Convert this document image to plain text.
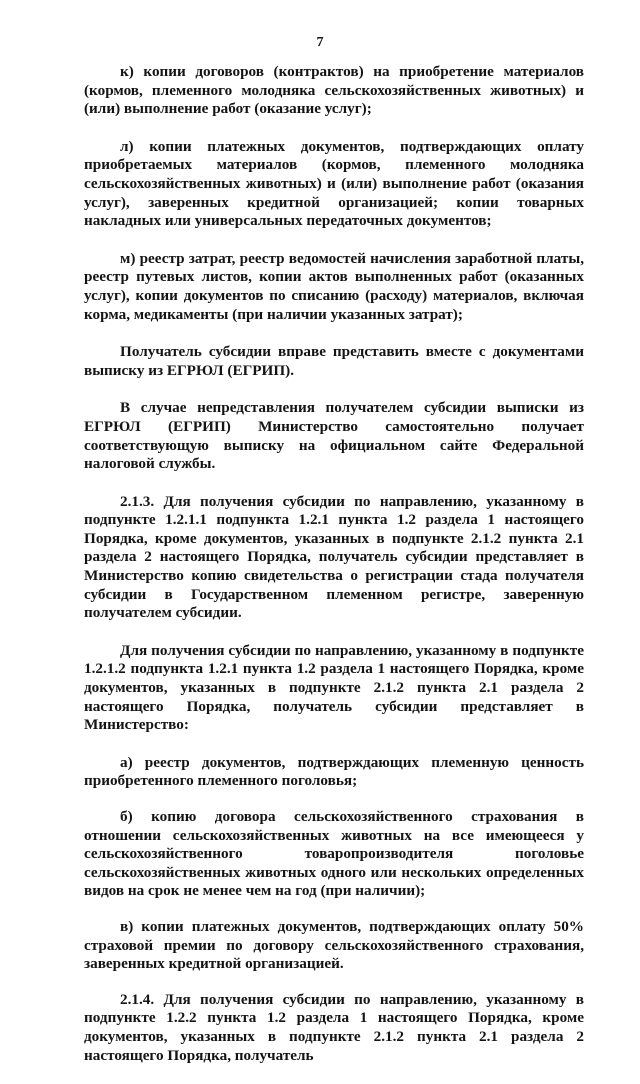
7

к) копии договоров (контрактов) на приобретение материалов (кормов, племенного молодняка сельскохозяйственных животных) и (или) выполнение работ (оказание услуг);

л) копии платежных документов, подтверждающих оплату приобретаемых материалов (кормов, племенного молодняка сельскохозяйственных животных) и (или) выполнение работ (оказания услуг), заверенных кредитной организацией; копии товарных накладных или универсальных передаточных документов;

м) реестр затрат, реестр ведомостей начисления заработной платы, реестр путевых листов, копии актов выполненных работ (оказанных услуг), копии документов по списанию (расходу) материалов, включая корма, медикаменты (при наличии указанных затрат);

Получатель субсидии вправе представить вместе с документами выписку из ЕГРЮЛ (ЕГРИП).

В случае непредставления получателем субсидии выписки из ЕГРЮЛ (ЕГРИП) Министерство самостоятельно получает соответствующую выписку на официальном сайте Федеральной налоговой службы.

2.1.3. Для получения субсидии по направлению, указанному в подпункте 1.2.1.1 подпункта 1.2.1 пункта 1.2 раздела 1 настоящего Порядка, кроме документов, указанных в подпункте 2.1.2 пункта 2.1 раздела 2 настоящего Порядка, получатель субсидии представляет в Министерство копию свидетельства о регистрации стада получателя субсидии в Государственном племенном регистре, заверенную получателем субсидии.

Для получения субсидии по направлению, указанному в подпункте 1.2.1.2 подпункта 1.2.1 пункта 1.2 раздела 1 настоящего Порядка, кроме документов, указанных в подпункте 2.1.2 пункта 2.1 раздела 2 настоящего Порядка, получатель субсидии представляет в Министерство:

а) реестр документов, подтверждающих племенную ценность приобретенного племенного поголовья;

б) копию договора сельскохозяйственного страхования в отношении сельскохозяйственных животных на все имеющееся у сельскохозяйственного товаропроизводителя поголовье сельскохозяйственных животных одного или нескольких определенных видов на срок не менее чем на год (при наличии);

в) копии платежных документов, подтверждающих оплату 50% страховой премии по договору сельскохозяйственного страхования, заверенных кредитной организацией.

2.1.4. Для получения субсидии по направлению, указанному в подпункте 1.2.2 пункта 1.2 раздела 1 настоящего Порядка, кроме документов, указанных в подпункте 2.1.2 пункта 2.1 раздела 2 настоящего Порядка, получатель
